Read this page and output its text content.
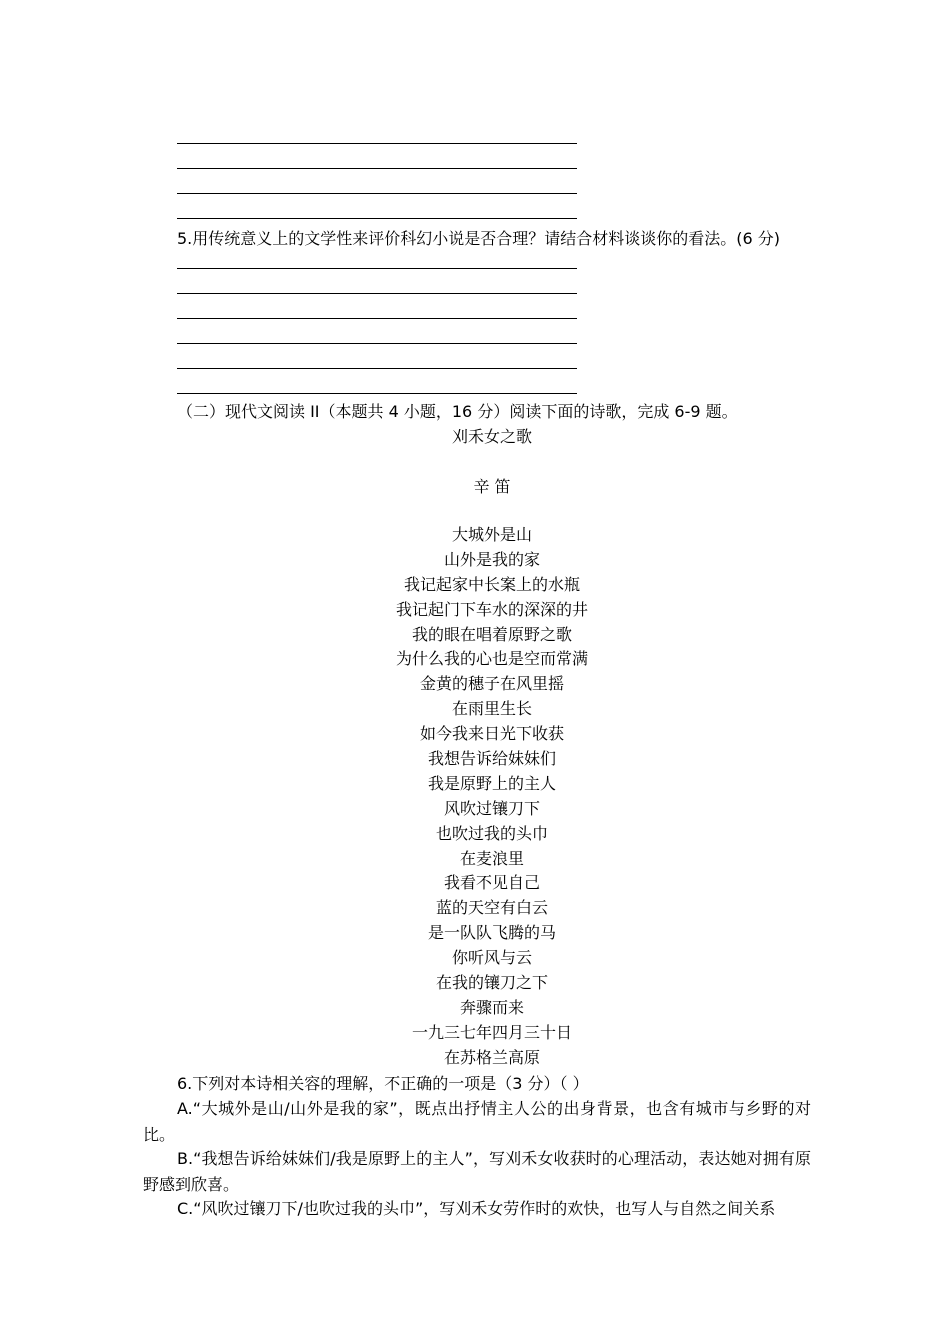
5.用传统意义上的文学性来评价科幻小说是否合理？请结合材料谈谈你的看法。(6 分)
（二）现代文阅读 II（本题共 4 小题，16 分）阅读下面的诗歌，完成 6-9 题。
刈禾女之歌
辛 笛
大城外是山
山外是我的家
我记起家中长案上的水瓶
我记起门下车水的深深的井
我的眼在唱着原野之歌
为什么我的心也是空而常满
金黄的穗子在风里摇
在雨里生长
如今我来日光下收获
我想告诉给妹妹们
我是原野上的主人
风吹过镶刀下
也吹过我的头巾
在麦浪里
我看不见自己
蓝的天空有白云
是一队队飞腾的马
你听风与云
在我的镶刀之下
奔骤而来
一九三七年四月三十日
在苏格兰高原
6.下列对本诗相关容的理解，不正确的一项是（3 分）（ ）
A.“大城外是山/山外是我的家”，既点出抒情主人公的出身背景，也含有城市与乡野的对比。
B.“我想告诉给妹妹们/我是原野上的主人”，写刈禾女收获时的心理活动，表达她对拥有原野感到欣喜。
C.“风吹过镶刀下/也吹过我的头巾”，写刈禾女劳作时的欢快，也写人与自然之间关系
